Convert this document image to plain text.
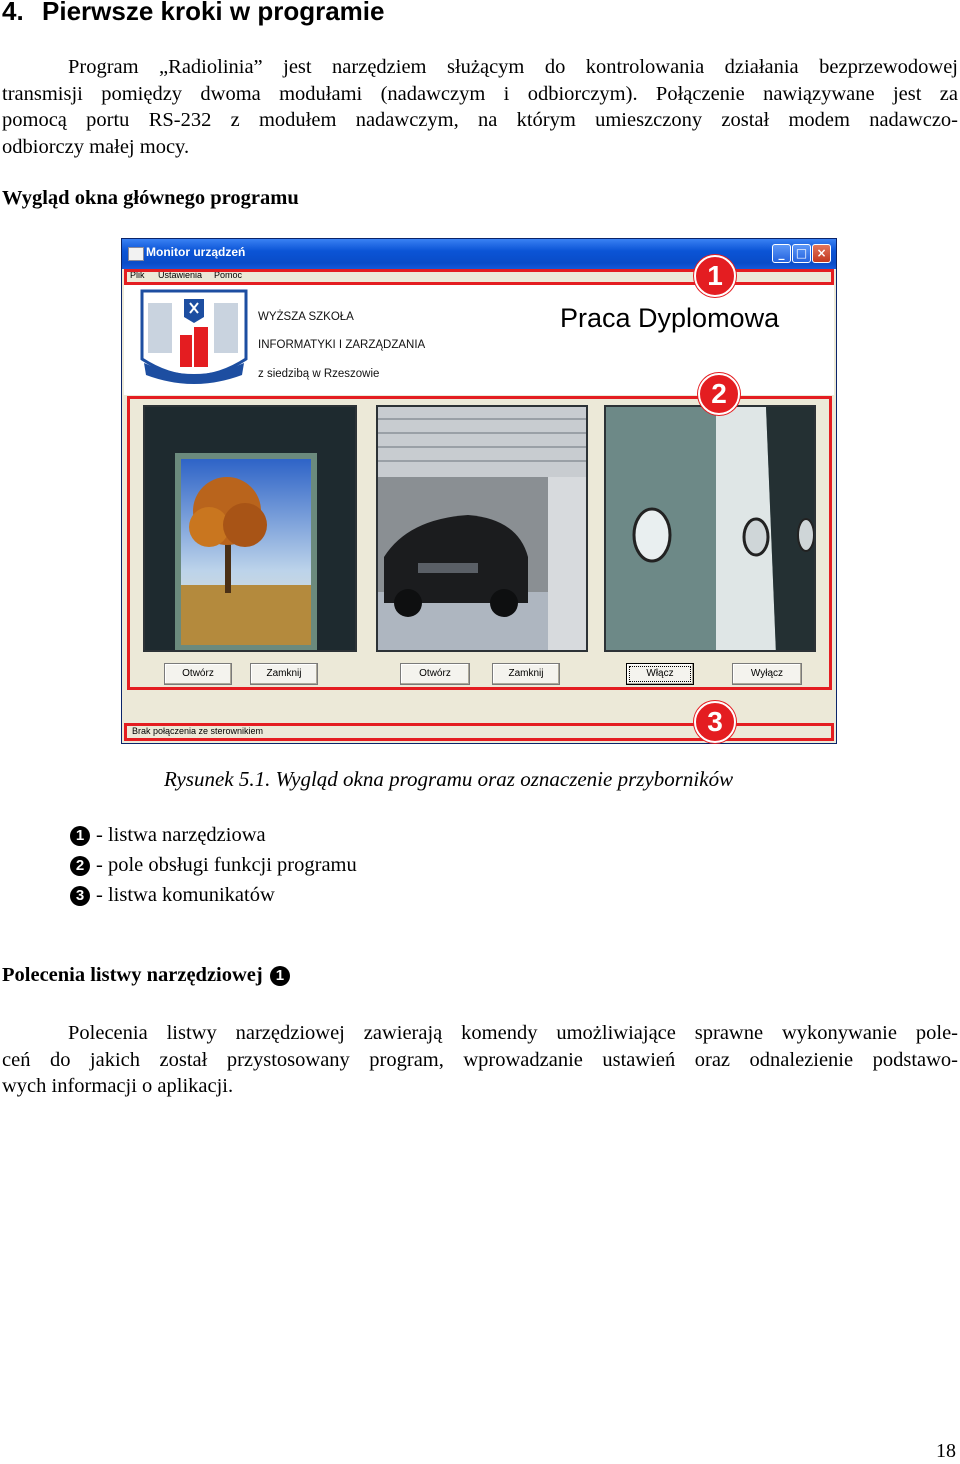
4. Pierwsze kroki w programie
Program „Radiolinia” jest narzędziem służącym do kontrolowania działania bezprzewodowej
transmisji pomiędzy dwoma modułami (nadawczym i odbiorczym). Połączenie nawiązywane jest za
pomocą portu RS-232 z modułem nadawczym, na którym umieszczony został modem nadawczo-
odbiorczy małej mocy.
Wygląd okna głównego programu
Monitor urządzeń	_ □ ×
Plik Ustawienia Pomoc
WYŻSZA SZKOŁA
INFORMATYKI I ZARZĄDZANIA
z siedzibą w Rzeszowie
Praca Dyplomowa
1
Otwórz	Zamknij	Otwórz	Zamknij	Włącz	Wyłącz
2
Brak połączenia ze sterownikiem	3
Rysunek 5.1. Wygląd okna programu oraz oznaczenie przyborników
1 - listwa narzędziowa
2 - pole obsługi funkcji programu
3 - listwa komunikatów
Polecenia listwy narzędziowej 1
Polecenia listwy narzędziowej zawierają komendy umożliwiające sprawne wykonywanie pole-
ceń do jakich został przystosowany program, wprowadzanie ustawień oraz odnalezienie podstawo-
wych informacji o aplikacji.
18
